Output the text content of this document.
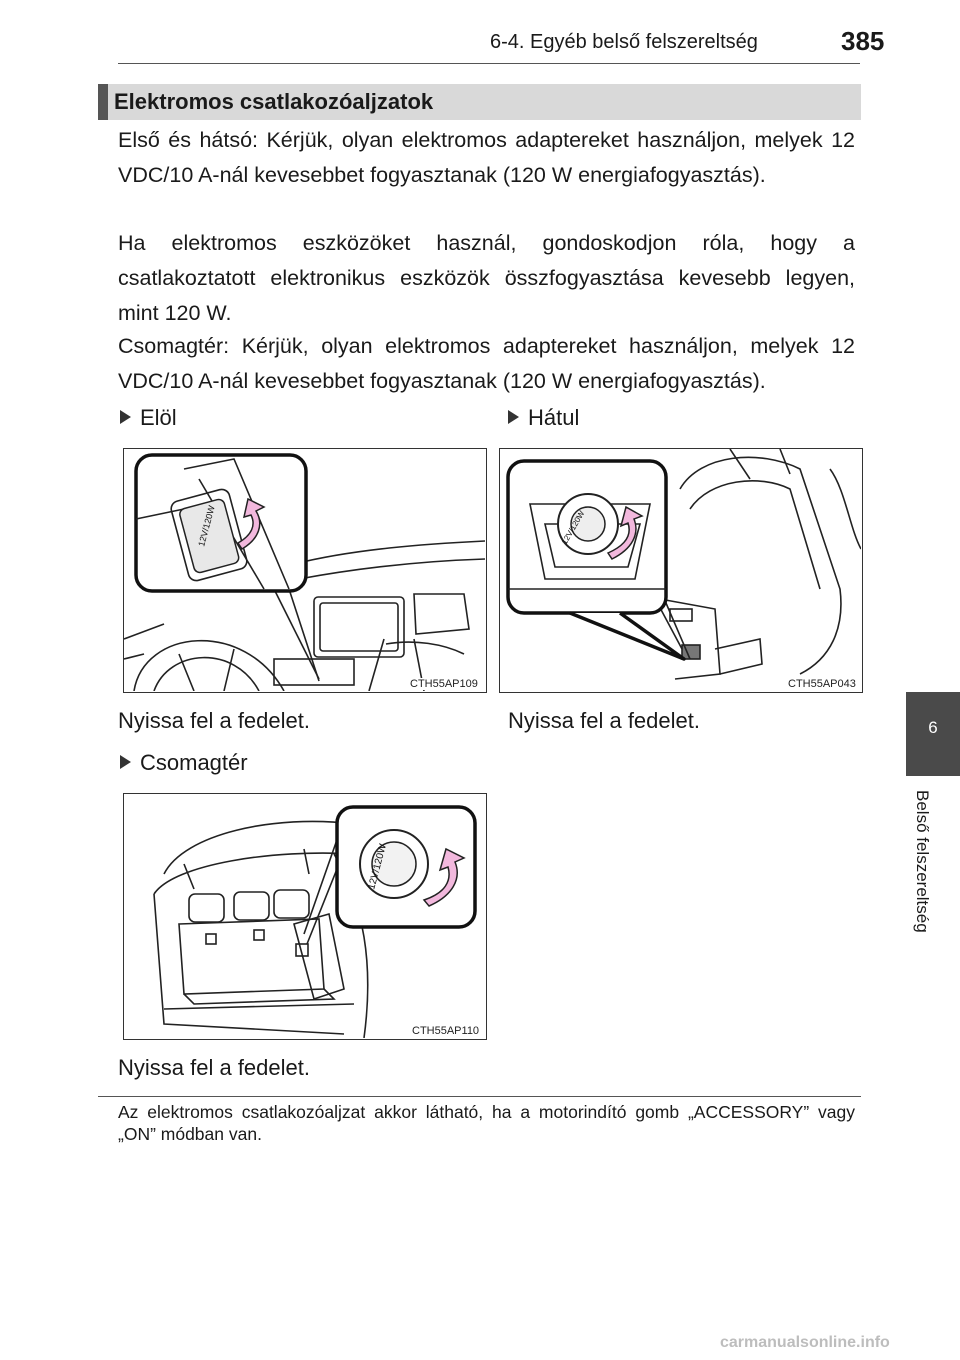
6-4. Egyéb belső felszereltség	385
Elektromos csatlakozóaljzatok

Első és hátsó: Kérjük, olyan elektromos adaptereket használjon, melyek 12 VDC/10 A-nál kevesebbet fogyasztanak (120 W energiafogyasztás).

Ha elektromos eszközöket használ, gondoskodjon róla, hogy a csatlakoztatott elektronikus eszközök összfogyasztása kevesebb legyen, mint 120 W.

Csomagtér: Kérjük, olyan elektromos adaptereket használjon, melyek 12 VDC/10 A-nál kevesebbet fogyasztanak (120 W energiafogyasztás).

Elöl	Hátul
12V/120W
CTH55AP109
12V/120W
CTH55AP043
Nyissa fel a fedelet.	Nyissa fel a fedelet.
Csomagtér
12V/120W
CTH55AP110
Nyissa fel a fedelet.

Az elektromos csatlakozóaljzat akkor látható, ha a motorindító gomb „ACCESSORY” vagy „ON” módban van.

6
Belső felszereltség
carmanualsonline.info
